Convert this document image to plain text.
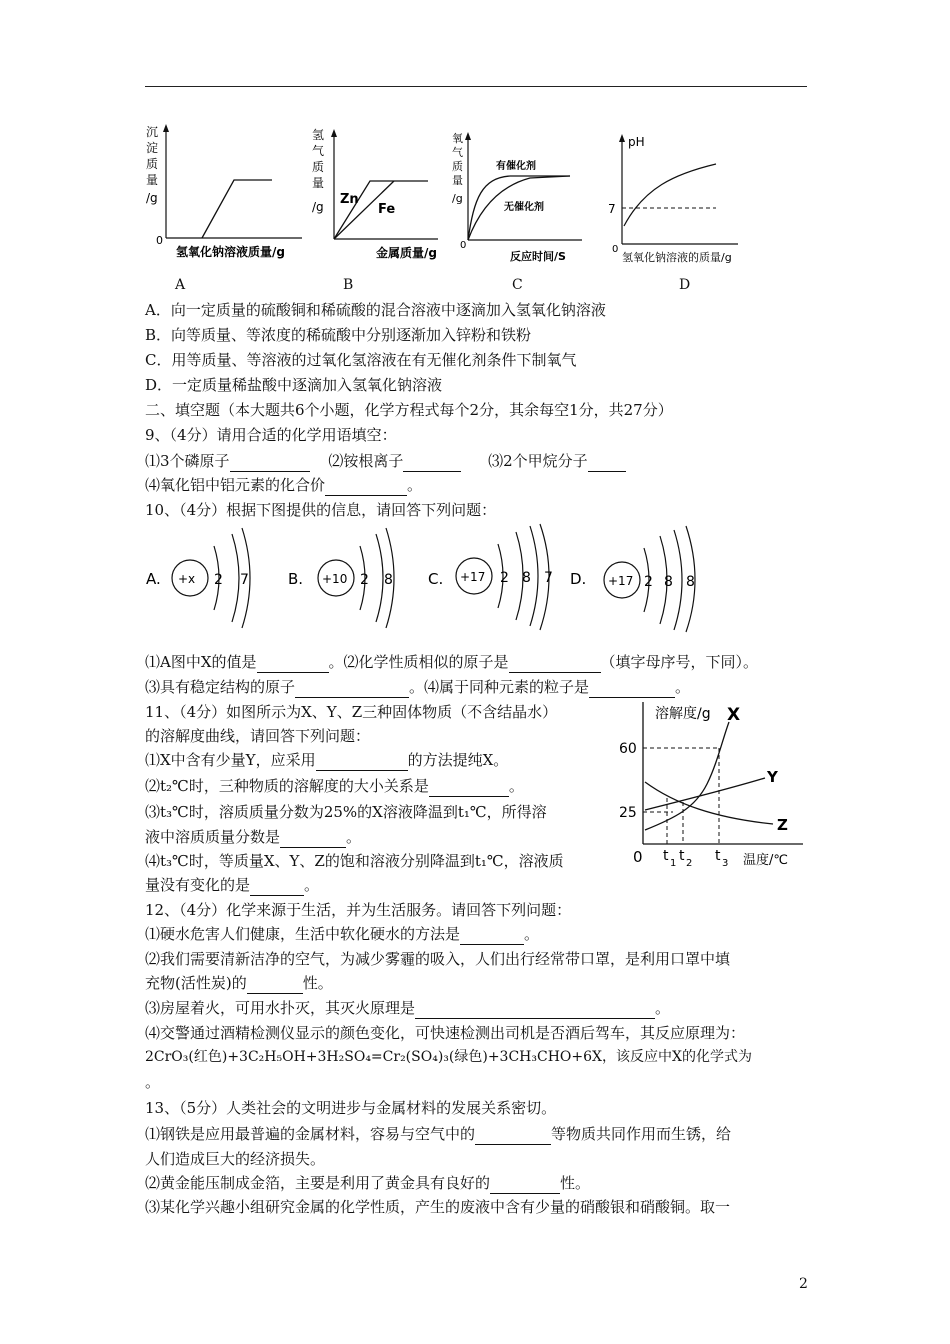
沉
淀
质
量
/g
0
氢氧化钠溶液质量/g
A
氢
气
质
量
/g Zn
Fe
金属质量/g
B
氧
气
质
量
/g
有催化剂
无催化剂
0
反应时间/S
C
pH
7
0
氢氧化钠溶液的质量/g
D
A．向一定质量的硫酸铜和稀硫酸的混合溶液中逐滴加入氢氧化钠溶液
B．向等质量、等浓度的稀硫酸中分别逐渐加入锌粉和铁粉
C．用等质量、等溶液的过氧化氢溶液在有无催化剂条件下制氧气
D．一定质量稀盐酸中逐滴加入氢氧化钠溶液
二、填空题（本大题共6个小题，化学方程式每个2分，其余每空1分，共27分）
9、（4分）请用合适的化学用语填空：
⑴3个磷原子	⑵铵根离子	⑶2个甲烷分子
⑷氧化铝中铝元素的化合价	。
10、（4分）根据下图提供的信息，请回答下列问题：
A. +x 2 7	B. +10 2 8 C. +17 2 8 7 D. +17 2 8 8
⑴A图中X的值是	。⑵化学性质相似的原子是	（填字母序号，下同）。
⑶具有稳定结构的原子	。⑷属于同种元素的粒子是	。
11、（4分）如图所示为X、Y、Z三种固体物质（不含结晶水）
的溶解度曲线，请回答下列问题：
⑴X中含有少量Y，应采用	的方法提纯X。
⑵t₂℃时，三种物质的溶解度的大小关系是	。
⑶t₃℃时，溶质质量分数为25%的X溶液降温到t₁℃，所得溶
液中溶质质量分数是	。
⑷t₃℃时，等质量X、Y、Z的饱和溶液分别降温到t₁℃，溶液质
量没有变化的是	。
溶解度/g X
60
25
Y
Z
0 t 1 t 2 t 3 温度/℃
12、（4分）化学来源于生活，并为生活服务。请回答下列问题：
⑴硬水危害人们健康，生活中软化硬水的方法是	。
⑵我们需要清新洁净的空气，为减少雾霾的吸入，人们出行经常带口罩，是利用口罩中填
充物(活性炭)的	性。
⑶房屋着火，可用水扑灭，其灭火原理是	。
⑷交警通过酒精检测仪显示的颜色变化，可快速检测出司机是否酒后驾车，其反应原理为：
2CrO₃(红色)+3C₂H₅OH+3H₂SO₄=Cr₂(SO₄)₃(绿色)+3CH₃CHO+6X，该反应中X的化学式为
。
13、（5分）人类社会的文明进步与金属材料的发展关系密切。
⑴钢铁是应用最普遍的金属材料，容易与空气中的	等物质共同作用而生锈，给
人们造成巨大的经济损失。
⑵黄金能压制成金箔，主要是利用了黄金具有良好的	性。
⑶某化学兴趣小组研究金属的化学性质，产生的废液中含有少量的硝酸银和硝酸铜。取一
2
